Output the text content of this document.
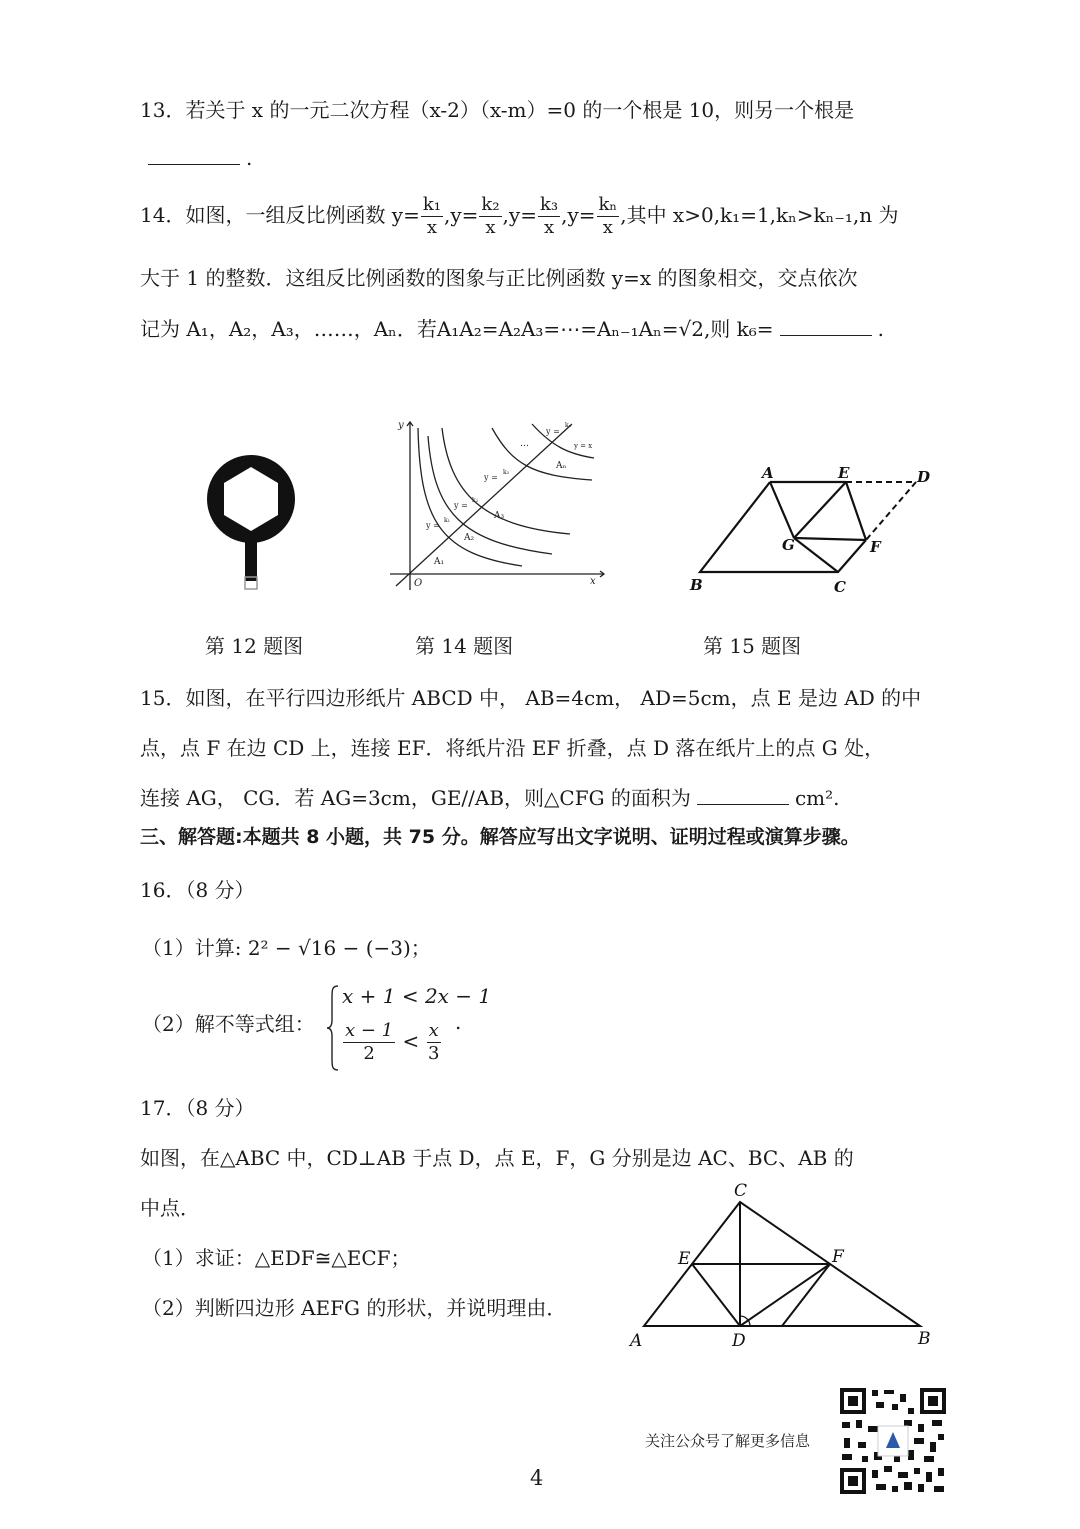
13．若关于 x 的一元二次方程（x-2）（x-m）=0 的一个根是 10，则另一个根是
.
14．如图，一组反比例函数 $y= \frac{\text{k₁}}{x} ,y= \frac{\text{k₂}}{x} ,y= \frac{\text{k₃}}{x} ,y= \frac{\text{kₙ}}{x}$ ,其中 x>0,k₁=1,kₙ>kₙ₋₁,n 为
大于 1 的整数．这组反比例函数的图象与正比例函数 y=x 的图象相交，交点依次
记为 A₁，A₂，A₃，……，Aₙ．若A₁A₂=A₂A₃=⋯=Aₙ₋₁Aₙ=√2,则 k₆=	.
y
x
O
A₁
A₂
A₃
Aₙ
y =
k₁
y =
k₂
y =
k₃
y =
kₙ
y = x
…
A	E	D
G	F
B	C
第 12 题图	第 14 题图	第 15 题图
15．如图，在平行四边形纸片 ABCD 中， AB=4cm， AD=5cm，点 E 是边 AD 的中
点，点 F 在边 CD 上，连接 EF．将纸片沿 EF 折叠，点 D 落在纸片上的点 G 处，
连接 AG， CG．若 AG=3cm，GE//AB，则△CFG 的面积为	cm².
三、解答题:本题共 8 小题，共 75 分。解答应写出文字说明、证明过程或演算步骤。
16．（8 分）
（1）计算: 2² − √16 − (−3)；
（2）解不等式组：
x + 1 < 2x − 1
$\frac{x - 1}{2} < \frac{x}{3}$ .
17．（8 分）
如图，在△ABC 中，CD⊥AB 于点 D，点 E，F，G 分别是边 AC、BC、AB 的
中点．
（1）求证：△EDF≅△ECF；
（2）判断四边形 AEFG 的形状，并说明理由．
C
E	F
A	D	B
关注公众号了解更多信息
4
